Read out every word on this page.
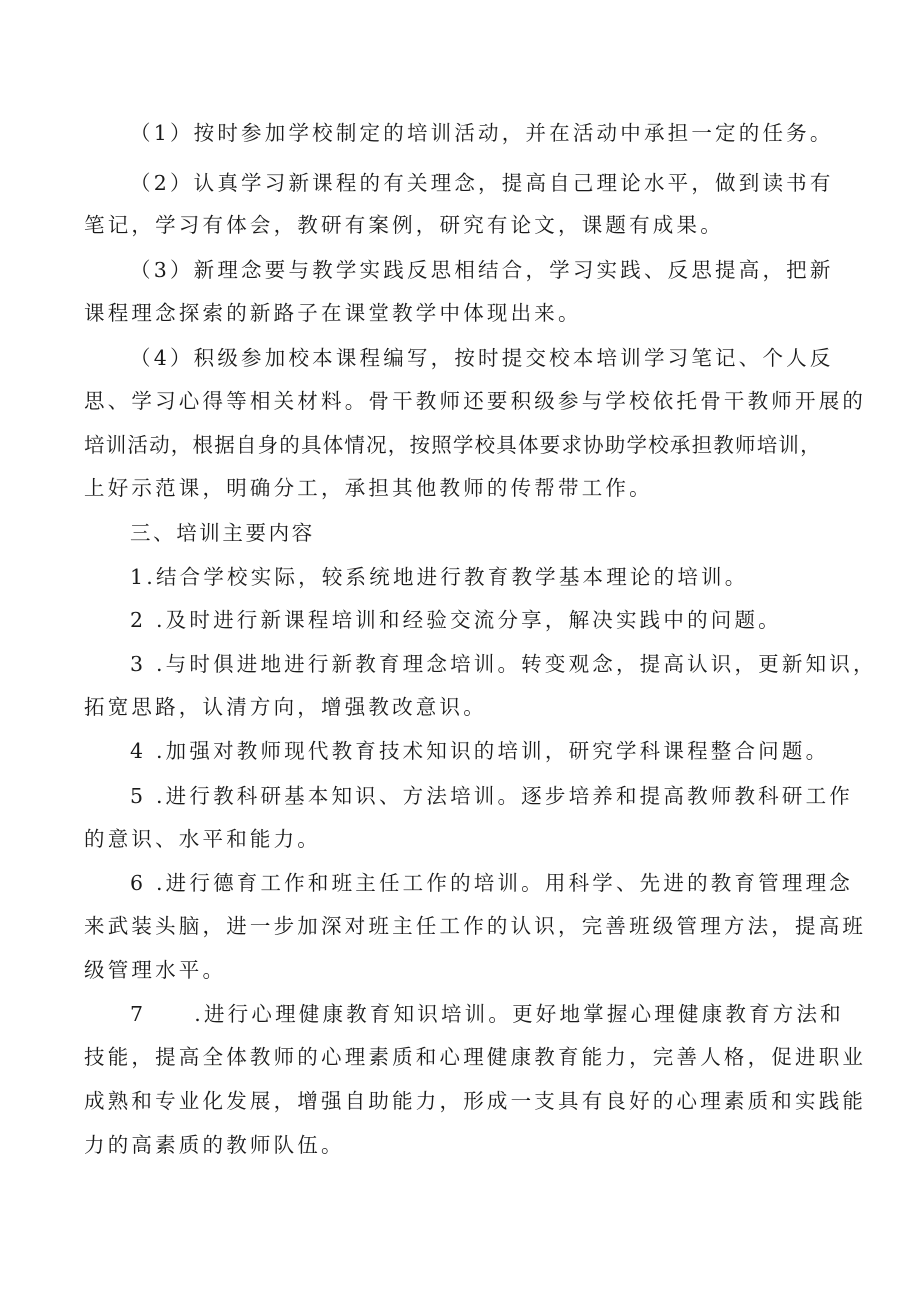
（1）按时参加学校制定的培训活动，并在活动中承担一定的任务。
（2）认真学习新课程的有关理念，提高自己理论水平，做到读书有
笔记，学习有体会，教研有案例，研究有论文，课题有成果。
（3）新理念要与教学实践反思相结合，学习实践、反思提高，把新
课程理念探索的新路子在课堂教学中体现出来。
（4）积级参加校本课程编写，按时提交校本培训学习笔记、个人反
思、学习心得等相关材料。骨干教师还要积级参与学校依托骨干教师开展的
培训活动，根据自身的具体情况，按照学校具体要求协助学校承担教师培训，
上好示范课，明确分工，承担其他教师的传帮带工作。
三、培训主要内容
1.结合学校实际，较系统地进行教育教学基本理论的培训。
2 .及时进行新课程培训和经验交流分享，解决实践中的问题。
3 .与时俱进地进行新教育理念培训。转变观念，提高认识，更新知识，
拓宽思路，认清方向，增强教改意识。
4 .加强对教师现代教育技术知识的培训，研究学科课程整合问题。
5 .进行教科研基本知识、方法培训。逐步培养和提高教师教科研工作
的意识、水平和能力。
6 .进行德育工作和班主任工作的培训。用科学、先进的教育管理理念
来武装头脑，进一步加深对班主任工作的认识，完善班级管理方法，提高班
级管理水平。
7 .进行心理健康教育知识培训。更好地掌握心理健康教育方法和
技能，提高全体教师的心理素质和心理健康教育能力，完善人格，促进职业
成熟和专业化发展，增强自助能力，形成一支具有良好的心理素质和实践能
力的高素质的教师队伍。
